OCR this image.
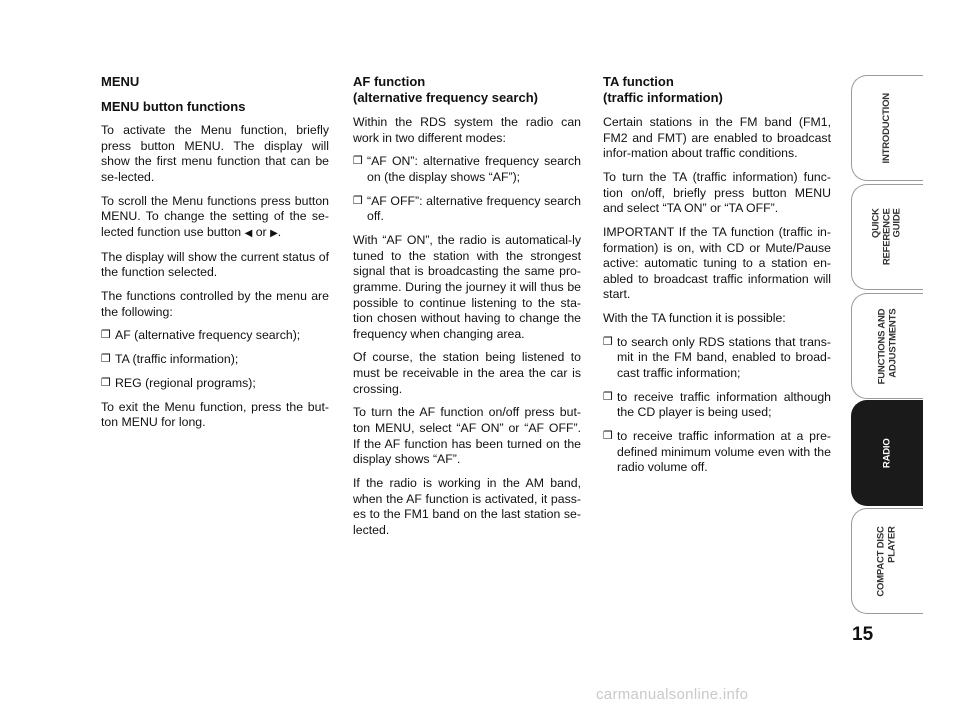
MENU

MENU button functions

To activate the Menu function, briefly press button MENU. The display will show the first menu function that can be se-lected.

To scroll the Menu functions press button MENU. To change the setting of the se-lected function use button ◀ or ▶.

The display will show the current status of the function selected.

The functions controlled by the menu are the following:

❒ AF (alternative frequency search);
❒ TA (traffic information);
❒ REG (regional programs);

To exit the Menu function, press the but-ton MENU for long.

AF function
(alternative frequency search)

Within the RDS system the radio can work in two different modes:

❒ “AF ON”: alternative frequency search on (the display shows “AF”);
❒ “AF OFF”: alternative frequency search off.

With “AF ON”, the radio is automatical-ly tuned to the station with the strongest signal that is broadcasting the same pro-gramme. During the journey it will thus be possible to continue listening to the sta-tion chosen without having to change the frequency when changing area.

Of course, the station being listened to must be receivable in the area the car is crossing.

To turn the AF function on/off press but-ton MENU, select “AF ON” or “AF OFF”. If the AF function has been turned on the display shows “AF”.

If the radio is working in the AM band, when the AF function is activated, it pass-es to the FM1 band on the last station se-lected.

TA function
(traffic information)

Certain stations in the FM band (FM1, FM2 and FMT) are enabled to broadcast infor-mation about traffic conditions.

To turn the TA (traffic information) func-tion on/off, briefly press button MENU and select “TA ON” or “TA OFF”.

IMPORTANT If the TA function (traffic in-formation) is on, with CD or Mute/Pause active: automatic tuning to a station en-abled to broadcast traffic information will start.

With the TA function it is possible:

❒ to search only RDS stations that trans-mit in the FM band, enabled to broad-cast traffic information;
❒ to receive traffic information although the CD player is being used;
❒ to receive traffic information at a pre-defined minimum volume even with the radio volume off.
INTRODUCTION
QUICK
REFERENCE
GUIDE
FUNCTIONS AND
ADJUSTMENTS
RADIO
COMPACT DISC
PLAYER
15
carmanualsonline.info
